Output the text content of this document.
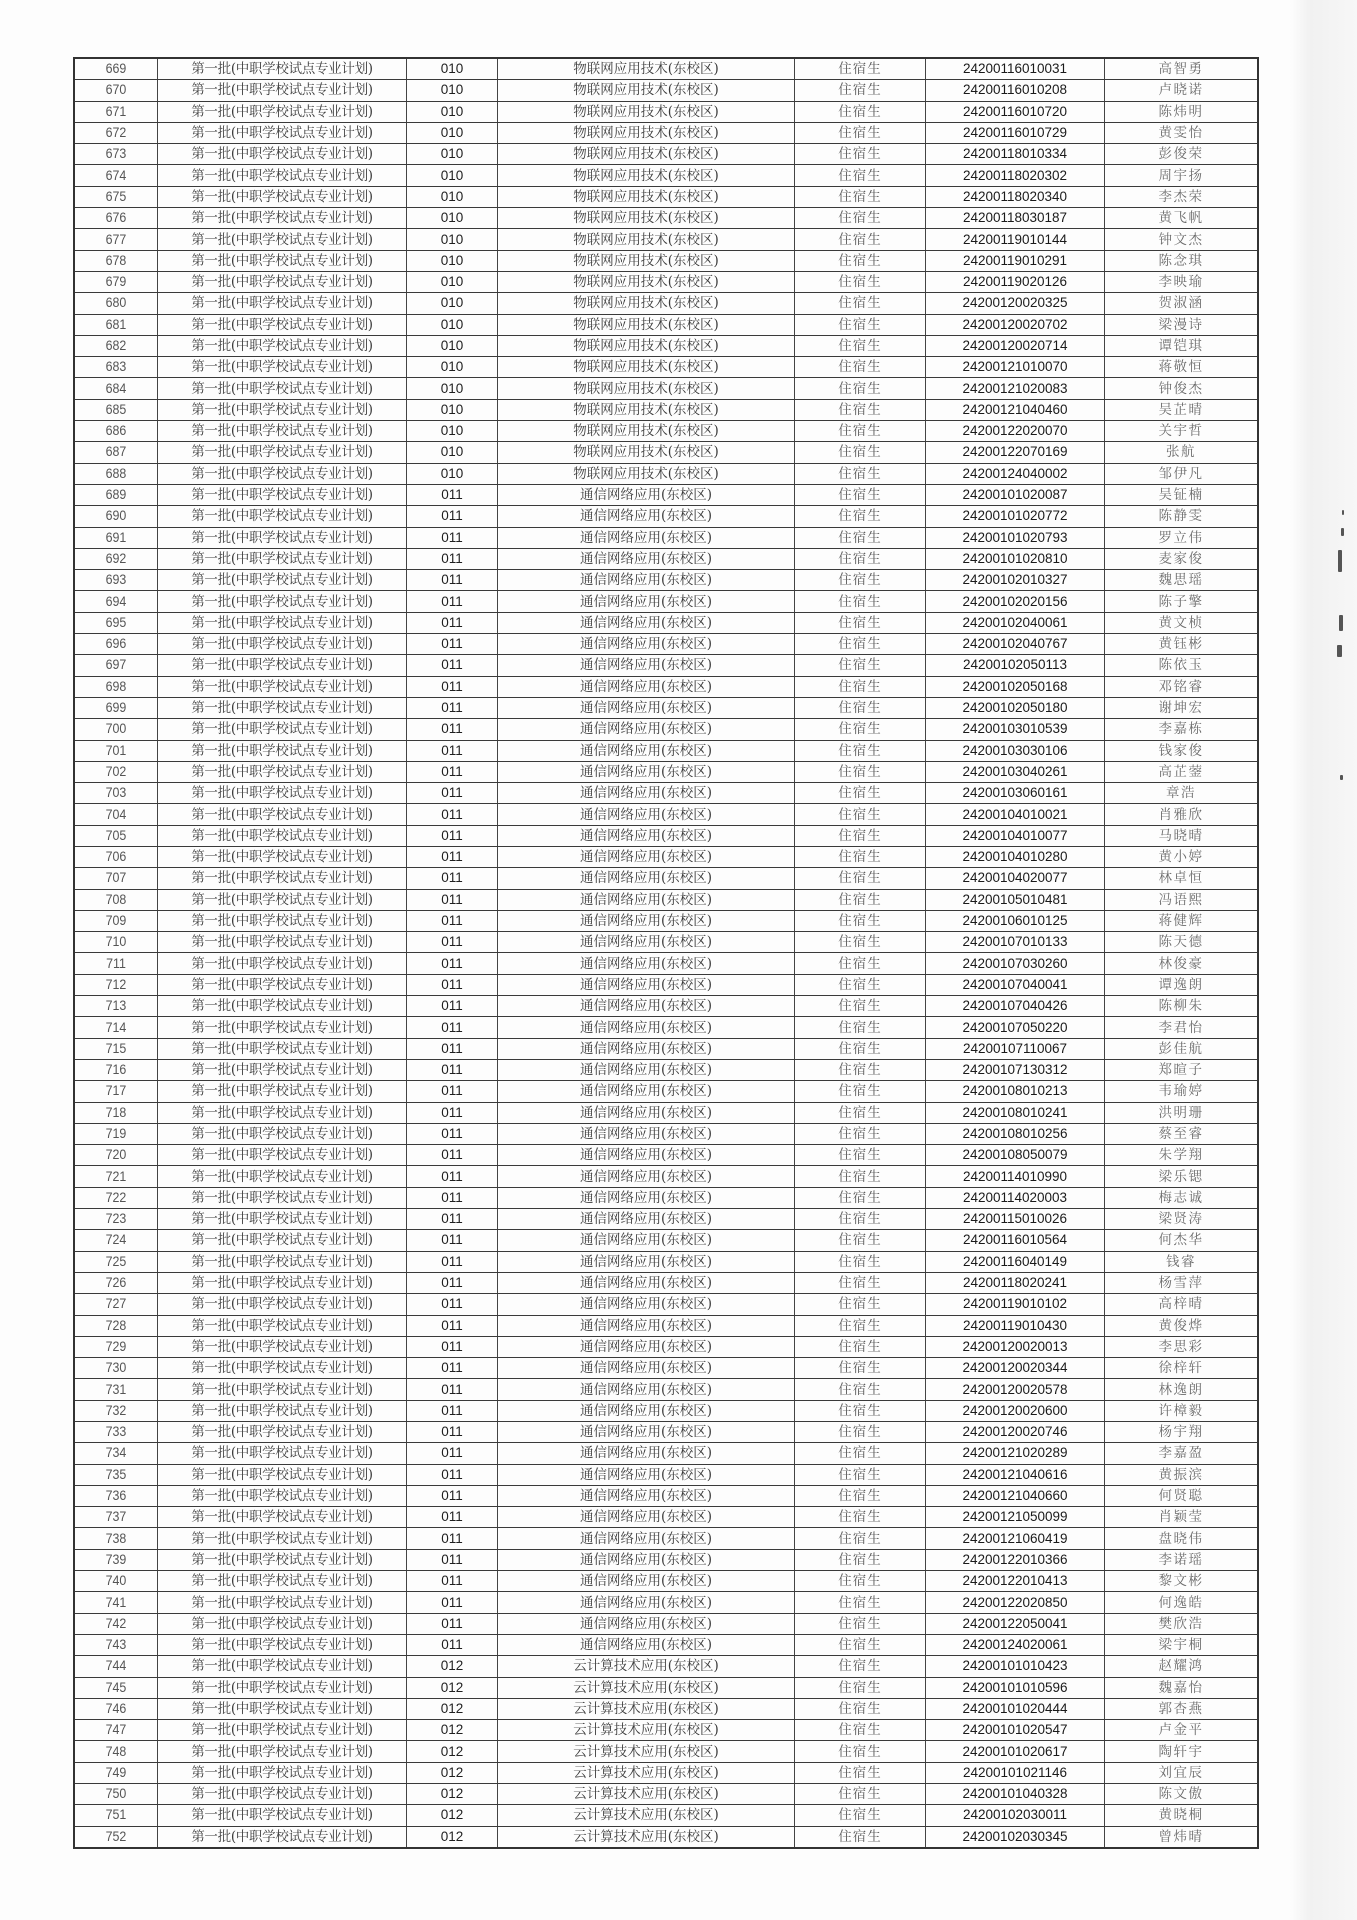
669	第一批(中职学校试点专业计划)	010	物联网应用技术(东校区)	住宿生	24200116010031	高智勇
670	第一批(中职学校试点专业计划)	010	物联网应用技术(东校区)	住宿生	24200116010208	卢晓诺
671	第一批(中职学校试点专业计划)	010	物联网应用技术(东校区)	住宿生	24200116010720	陈炜明
672	第一批(中职学校试点专业计划)	010	物联网应用技术(东校区)	住宿生	24200116010729	黄雯怡
673	第一批(中职学校试点专业计划)	010	物联网应用技术(东校区)	住宿生	24200118010334	彭俊荣
674	第一批(中职学校试点专业计划)	010	物联网应用技术(东校区)	住宿生	24200118020302	周宇扬
675	第一批(中职学校试点专业计划)	010	物联网应用技术(东校区)	住宿生	24200118020340	李杰荣
676	第一批(中职学校试点专业计划)	010	物联网应用技术(东校区)	住宿生	24200118030187	黄飞帆
677	第一批(中职学校试点专业计划)	010	物联网应用技术(东校区)	住宿生	24200119010144	钟文杰
678	第一批(中职学校试点专业计划)	010	物联网应用技术(东校区)	住宿生	24200119010291	陈念琪
679	第一批(中职学校试点专业计划)	010	物联网应用技术(东校区)	住宿生	24200119020126	李映瑜
680	第一批(中职学校试点专业计划)	010	物联网应用技术(东校区)	住宿生	24200120020325	贺淑涵
681	第一批(中职学校试点专业计划)	010	物联网应用技术(东校区)	住宿生	24200120020702	梁漫诗
682	第一批(中职学校试点专业计划)	010	物联网应用技术(东校区)	住宿生	24200120020714	谭铠琪
683	第一批(中职学校试点专业计划)	010	物联网应用技术(东校区)	住宿生	24200121010070	蒋敬恒
684	第一批(中职学校试点专业计划)	010	物联网应用技术(东校区)	住宿生	24200121020083	钟俊杰
685	第一批(中职学校试点专业计划)	010	物联网应用技术(东校区)	住宿生	24200121040460	吴芷晴
686	第一批(中职学校试点专业计划)	010	物联网应用技术(东校区)	住宿生	24200122020070	关宇哲
687	第一批(中职学校试点专业计划)	010	物联网应用技术(东校区)	住宿生	24200122070169	张航
688	第一批(中职学校试点专业计划)	010	物联网应用技术(东校区)	住宿生	24200124040002	邹伊凡
689	第一批(中职学校试点专业计划)	011	通信网络应用(东校区)	住宿生	24200101020087	吴钲楠
690	第一批(中职学校试点专业计划)	011	通信网络应用(东校区)	住宿生	24200101020772	陈静雯
691	第一批(中职学校试点专业计划)	011	通信网络应用(东校区)	住宿生	24200101020793	罗立伟
692	第一批(中职学校试点专业计划)	011	通信网络应用(东校区)	住宿生	24200101020810	麦家俊
693	第一批(中职学校试点专业计划)	011	通信网络应用(东校区)	住宿生	24200102010327	魏思瑶
694	第一批(中职学校试点专业计划)	011	通信网络应用(东校区)	住宿生	24200102020156	陈子擎
695	第一批(中职学校试点专业计划)	011	通信网络应用(东校区)	住宿生	24200102040061	黄文桢
696	第一批(中职学校试点专业计划)	011	通信网络应用(东校区)	住宿生	24200102040767	黄钰彬
697	第一批(中职学校试点专业计划)	011	通信网络应用(东校区)	住宿生	24200102050113	陈依玉
698	第一批(中职学校试点专业计划)	011	通信网络应用(东校区)	住宿生	24200102050168	邓铭睿
699	第一批(中职学校试点专业计划)	011	通信网络应用(东校区)	住宿生	24200102050180	谢坤宏
700	第一批(中职学校试点专业计划)	011	通信网络应用(东校区)	住宿生	24200103010539	李嘉栋
701	第一批(中职学校试点专业计划)	011	通信网络应用(东校区)	住宿生	24200103030106	钱家俊
702	第一批(中职学校试点专业计划)	011	通信网络应用(东校区)	住宿生	24200103040261	高芷蓥
703	第一批(中职学校试点专业计划)	011	通信网络应用(东校区)	住宿生	24200103060161	章浩
704	第一批(中职学校试点专业计划)	011	通信网络应用(东校区)	住宿生	24200104010021	肖雅欣
705	第一批(中职学校试点专业计划)	011	通信网络应用(东校区)	住宿生	24200104010077	马晓晴
706	第一批(中职学校试点专业计划)	011	通信网络应用(东校区)	住宿生	24200104010280	黄小婷
707	第一批(中职学校试点专业计划)	011	通信网络应用(东校区)	住宿生	24200104020077	林卓恒
708	第一批(中职学校试点专业计划)	011	通信网络应用(东校区)	住宿生	24200105010481	冯语熙
709	第一批(中职学校试点专业计划)	011	通信网络应用(东校区)	住宿生	24200106010125	蒋健辉
710	第一批(中职学校试点专业计划)	011	通信网络应用(东校区)	住宿生	24200107010133	陈天德
711	第一批(中职学校试点专业计划)	011	通信网络应用(东校区)	住宿生	24200107030260	林俊豪
712	第一批(中职学校试点专业计划)	011	通信网络应用(东校区)	住宿生	24200107040041	谭逸朗
713	第一批(中职学校试点专业计划)	011	通信网络应用(东校区)	住宿生	24200107040426	陈柳朱
714	第一批(中职学校试点专业计划)	011	通信网络应用(东校区)	住宿生	24200107050220	李君怡
715	第一批(中职学校试点专业计划)	011	通信网络应用(东校区)	住宿生	24200107110067	彭佳航
716	第一批(中职学校试点专业计划)	011	通信网络应用(东校区)	住宿生	24200107130312	郑暄子
717	第一批(中职学校试点专业计划)	011	通信网络应用(东校区)	住宿生	24200108010213	韦瑜婷
718	第一批(中职学校试点专业计划)	011	通信网络应用(东校区)	住宿生	24200108010241	洪明珊
719	第一批(中职学校试点专业计划)	011	通信网络应用(东校区)	住宿生	24200108010256	蔡至睿
720	第一批(中职学校试点专业计划)	011	通信网络应用(东校区)	住宿生	24200108050079	朱学翔
721	第一批(中职学校试点专业计划)	011	通信网络应用(东校区)	住宿生	24200114010990	梁乐锶
722	第一批(中职学校试点专业计划)	011	通信网络应用(东校区)	住宿生	24200114020003	梅志诚
723	第一批(中职学校试点专业计划)	011	通信网络应用(东校区)	住宿生	24200115010026	梁贤涛
724	第一批(中职学校试点专业计划)	011	通信网络应用(东校区)	住宿生	24200116010564	何杰华
725	第一批(中职学校试点专业计划)	011	通信网络应用(东校区)	住宿生	24200116040149	钱睿
726	第一批(中职学校试点专业计划)	011	通信网络应用(东校区)	住宿生	24200118020241	杨雪萍
727	第一批(中职学校试点专业计划)	011	通信网络应用(东校区)	住宿生	24200119010102	高梓晴
728	第一批(中职学校试点专业计划)	011	通信网络应用(东校区)	住宿生	24200119010430	黄俊烨
729	第一批(中职学校试点专业计划)	011	通信网络应用(东校区)	住宿生	24200120020013	李思彩
730	第一批(中职学校试点专业计划)	011	通信网络应用(东校区)	住宿生	24200120020344	徐梓轩
731	第一批(中职学校试点专业计划)	011	通信网络应用(东校区)	住宿生	24200120020578	林逸朗
732	第一批(中职学校试点专业计划)	011	通信网络应用(东校区)	住宿生	24200120020600	许樟毅
733	第一批(中职学校试点专业计划)	011	通信网络应用(东校区)	住宿生	24200120020746	杨宇翔
734	第一批(中职学校试点专业计划)	011	通信网络应用(东校区)	住宿生	24200121020289	李嘉盈
735	第一批(中职学校试点专业计划)	011	通信网络应用(东校区)	住宿生	24200121040616	黄振滨
736	第一批(中职学校试点专业计划)	011	通信网络应用(东校区)	住宿生	24200121040660	何贤聪
737	第一批(中职学校试点专业计划)	011	通信网络应用(东校区)	住宿生	24200121050099	肖颖莹
738	第一批(中职学校试点专业计划)	011	通信网络应用(东校区)	住宿生	24200121060419	盘晓伟
739	第一批(中职学校试点专业计划)	011	通信网络应用(东校区)	住宿生	24200122010366	李诺瑶
740	第一批(中职学校试点专业计划)	011	通信网络应用(东校区)	住宿生	24200122010413	黎文彬
741	第一批(中职学校试点专业计划)	011	通信网络应用(东校区)	住宿生	24200122020850	何逸皓
742	第一批(中职学校试点专业计划)	011	通信网络应用(东校区)	住宿生	24200122050041	樊欣浩
743	第一批(中职学校试点专业计划)	011	通信网络应用(东校区)	住宿生	24200124020061	梁宇桐
744	第一批(中职学校试点专业计划)	012	云计算技术应用(东校区)	住宿生	24200101010423	赵耀鸿
745	第一批(中职学校试点专业计划)	012	云计算技术应用(东校区)	住宿生	24200101010596	魏嘉怡
746	第一批(中职学校试点专业计划)	012	云计算技术应用(东校区)	住宿生	24200101020444	郭杏燕
747	第一批(中职学校试点专业计划)	012	云计算技术应用(东校区)	住宿生	24200101020547	卢金平
748	第一批(中职学校试点专业计划)	012	云计算技术应用(东校区)	住宿生	24200101020617	陶轩宇
749	第一批(中职学校试点专业计划)	012	云计算技术应用(东校区)	住宿生	24200101021146	刘宜辰
750	第一批(中职学校试点专业计划)	012	云计算技术应用(东校区)	住宿生	24200101040328	陈文傲
751	第一批(中职学校试点专业计划)	012	云计算技术应用(东校区)	住宿生	24200102030011	黄晓桐
752	第一批(中职学校试点专业计划)	012	云计算技术应用(东校区)	住宿生	24200102030345	曾炜晴
